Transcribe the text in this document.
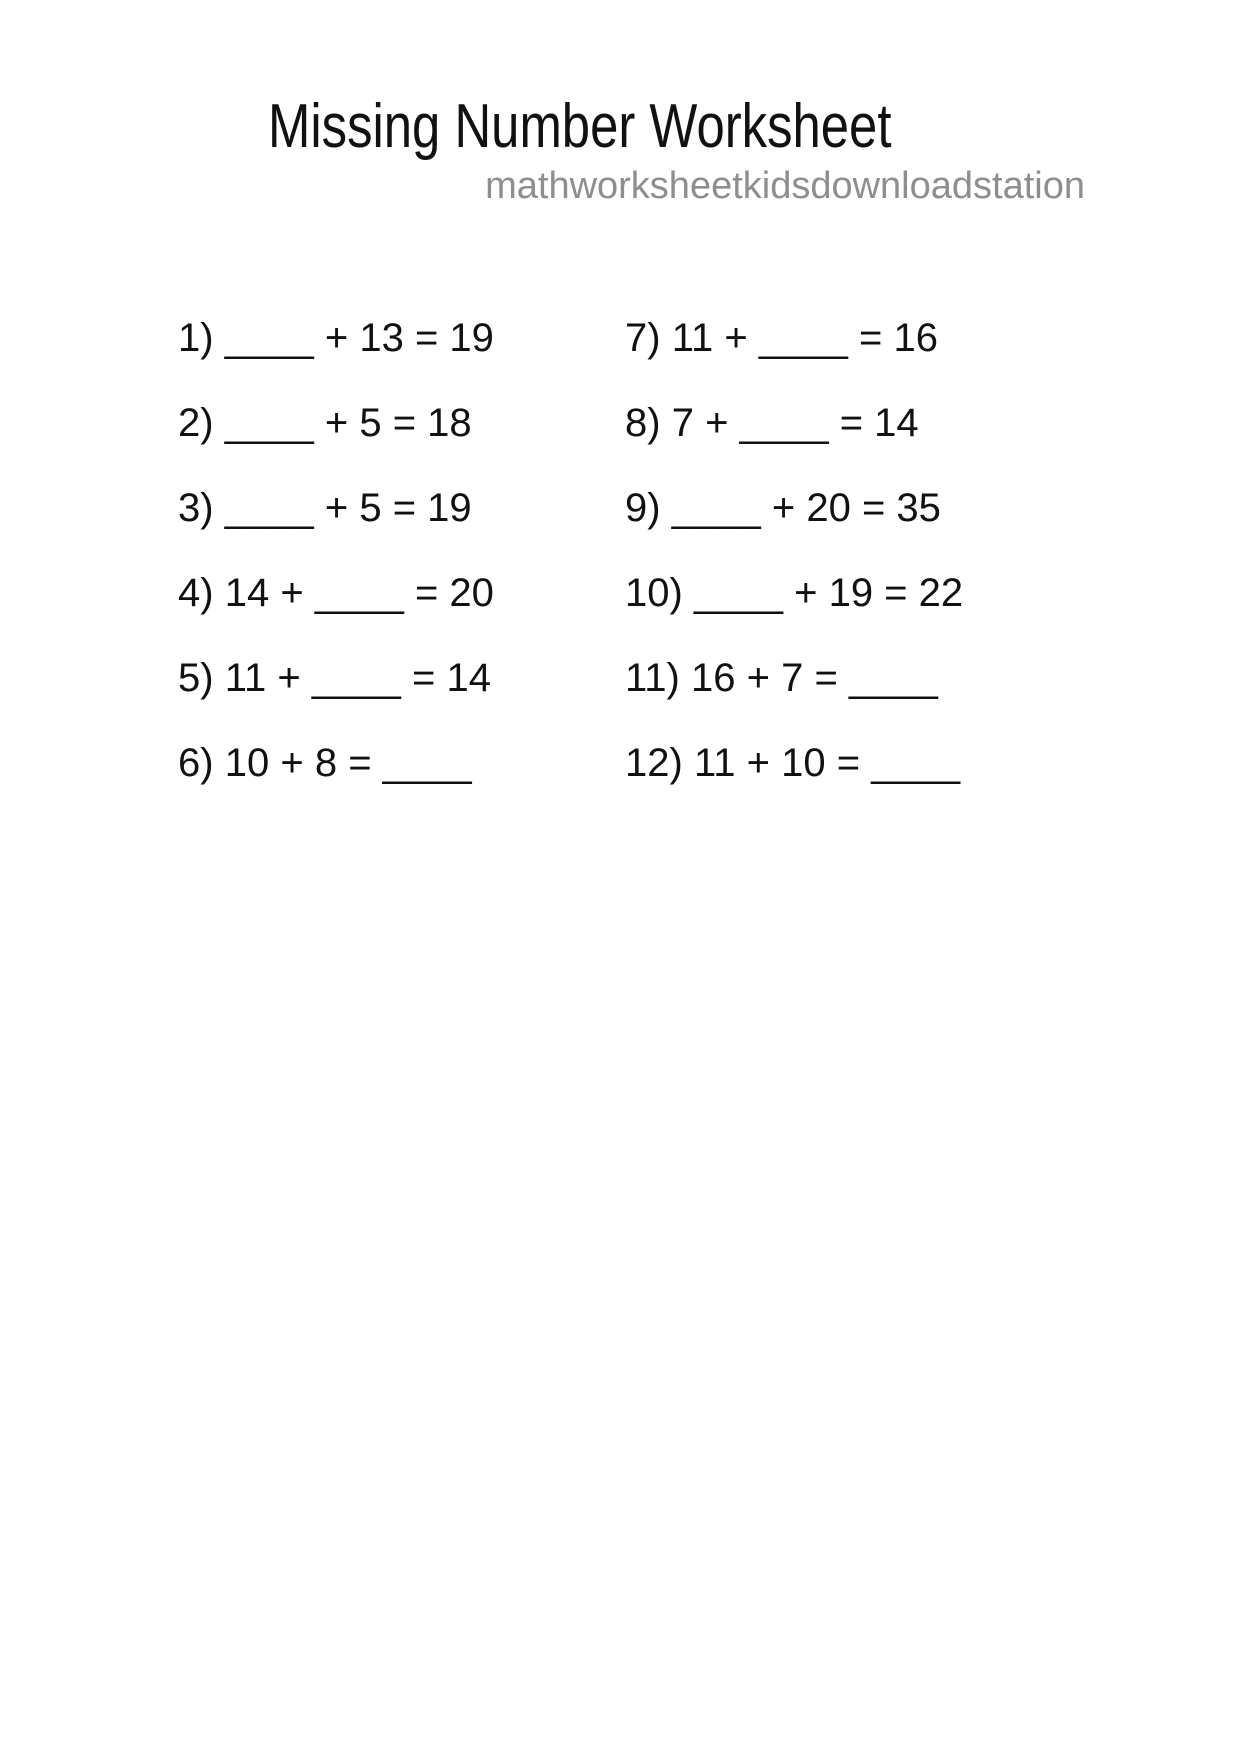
Missing Number Worksheet
mathworksheetkidsdownloadstation
1) ____ + 13 = 19
2) ____ + 5 = 18
3) ____ + 5 = 19
4) 14 + ____ = 20
5) 11 + ____ = 14
6) 10 + 8 = ____
7) 11 + ____ = 16
8) 7 + ____ = 14
9) ____ + 20 = 35
10) ____ + 19 = 22
11) 16 + 7 = ____
12) 11 + 10 = ____
